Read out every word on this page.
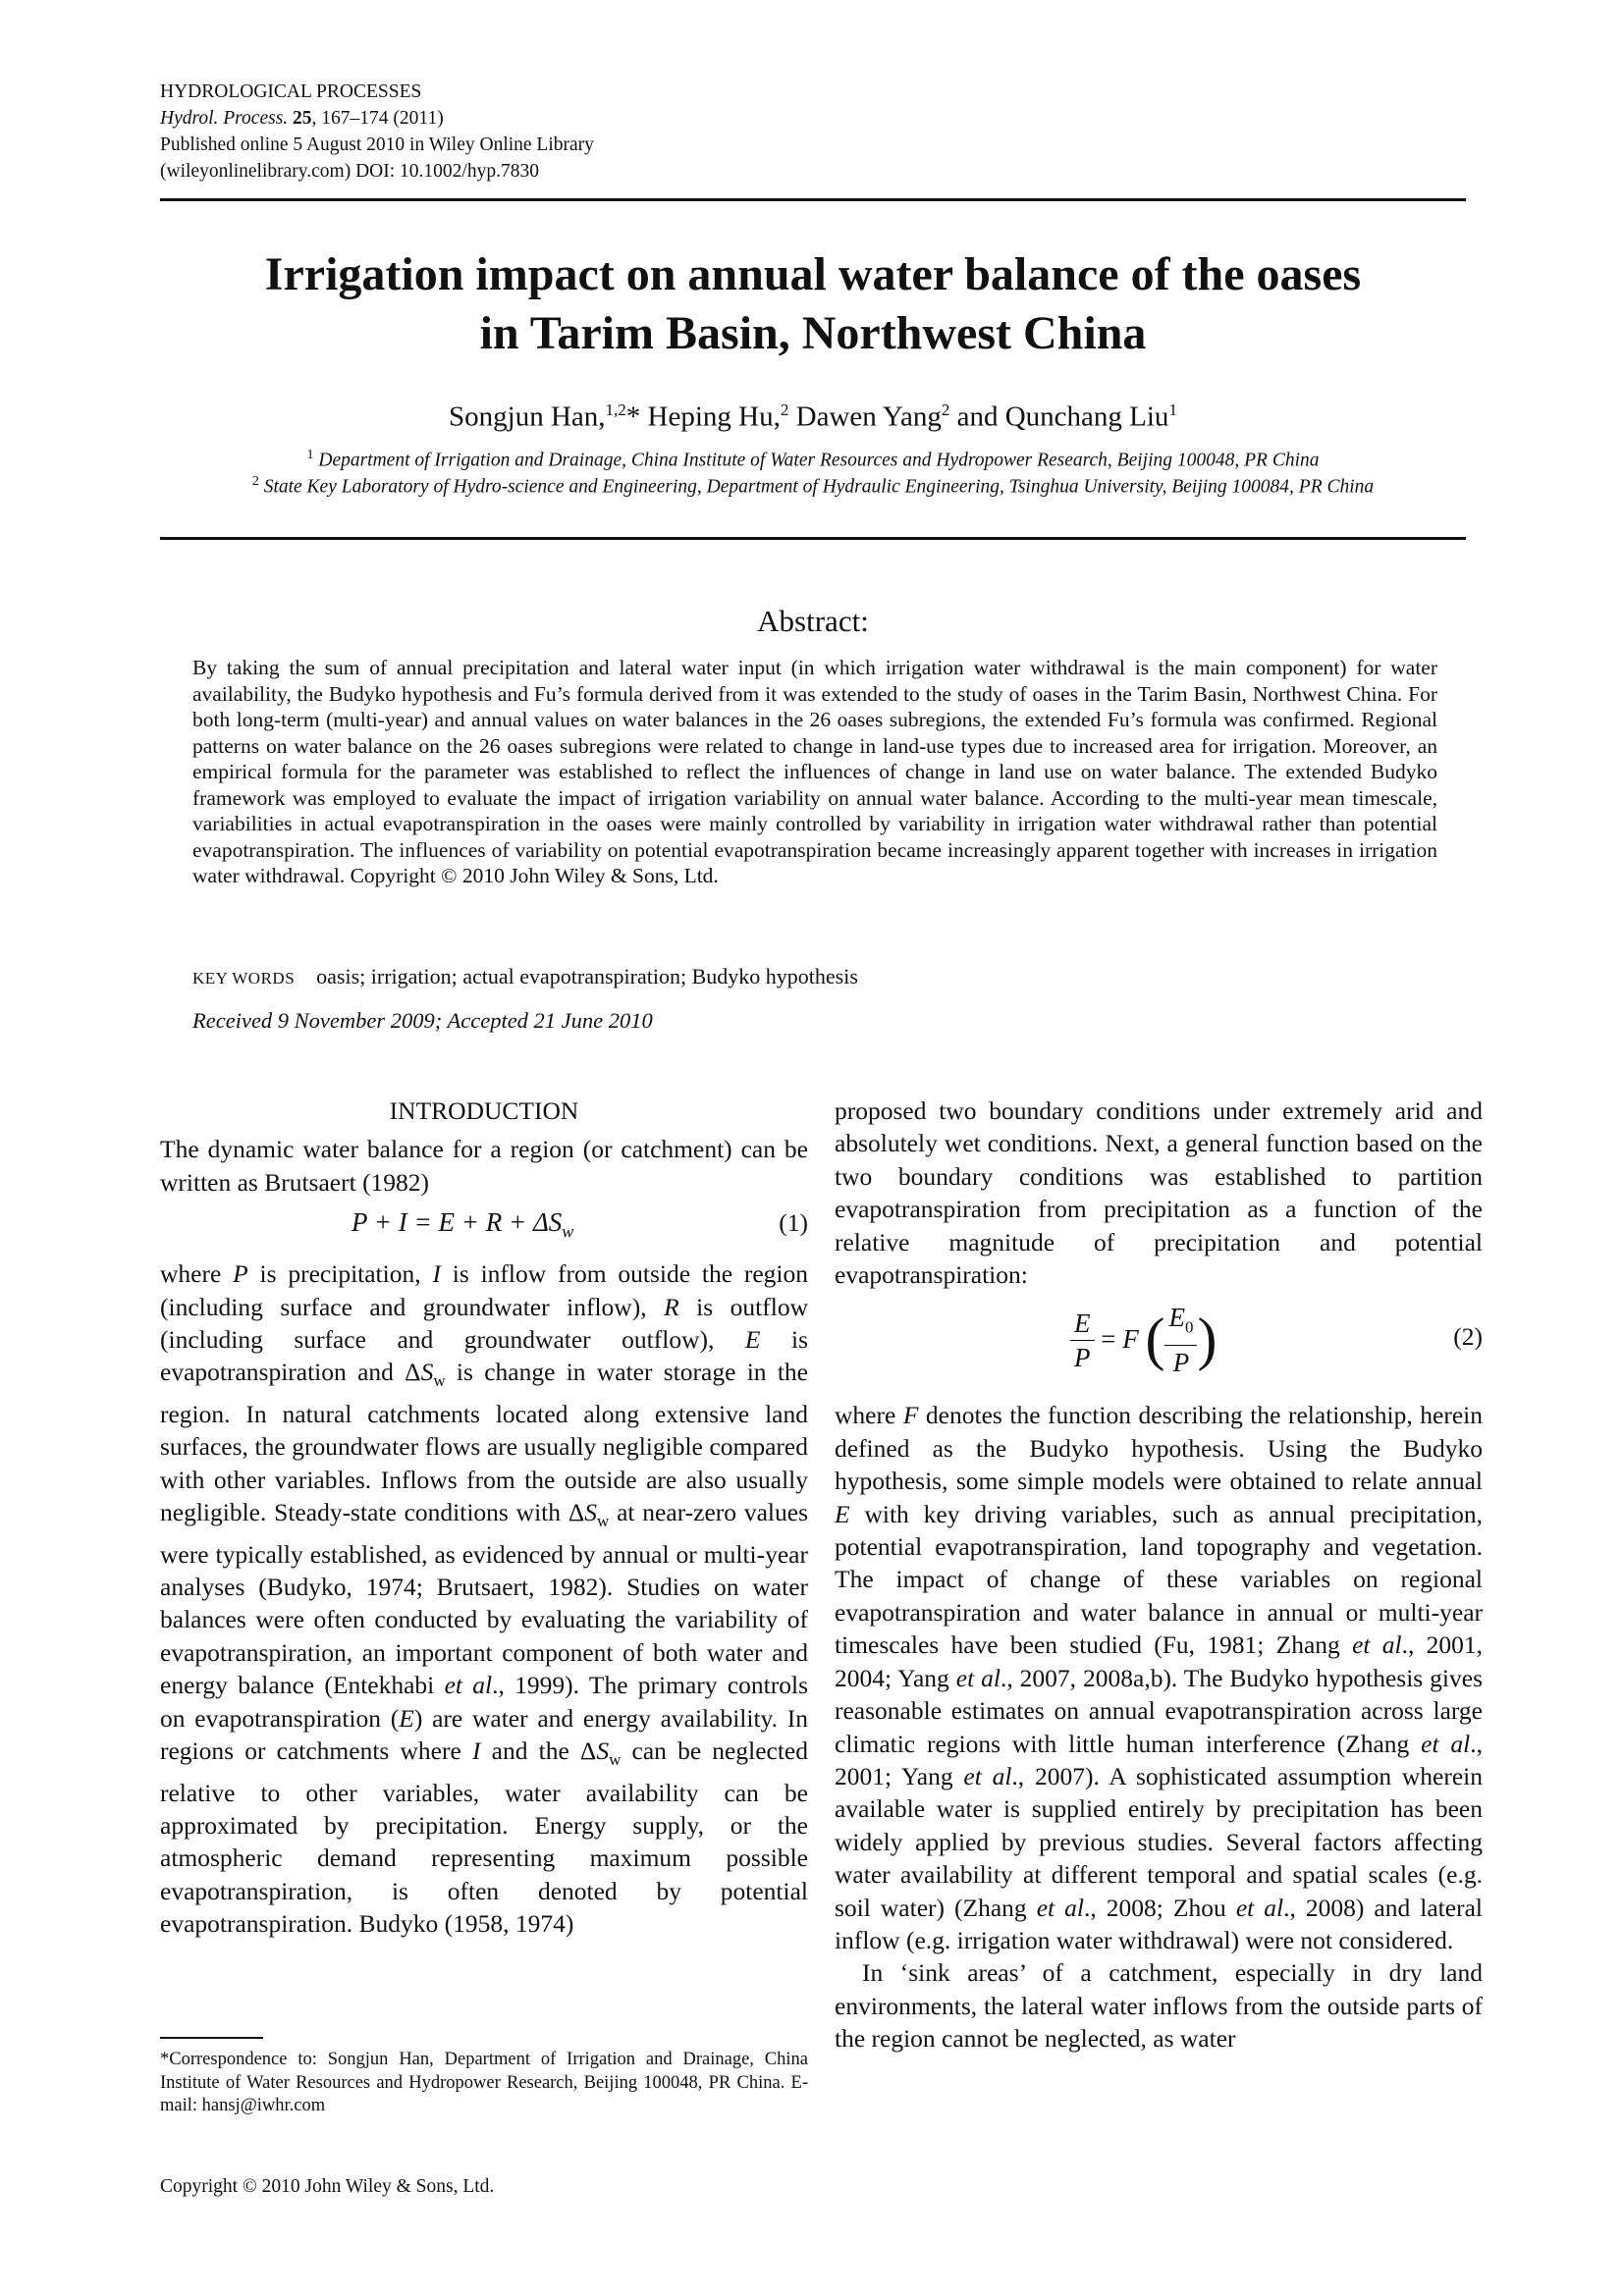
HYDROLOGICAL PROCESSES
Hydrol. Process. 25, 167–174 (2011)
Published online 5 August 2010 in Wiley Online Library
(wileyonlinelibrary.com) DOI: 10.1002/hyp.7830
Irrigation impact on annual water balance of the oases
in Tarim Basin, Northwest China
Songjun Han,$^{1,2}$* Heping Hu,$^2$ Dawen Yang$^2$ and Qunchang Liu$^1$
$^1$ Department of Irrigation and Drainage, China Institute of Water Resources and Hydropower Research, Beijing 100048, PR China
$^2$ State Key Laboratory of Hydro-science and Engineering, Department of Hydraulic Engineering, Tsinghua University, Beijing 100084, PR China
Abstract:
By taking the sum of annual precipitation and lateral water input (in which irrigation water withdrawal is the main component) for water availability, the Budyko hypothesis and Fu’s formula derived from it was extended to the study of oases in the Tarim Basin, Northwest China. For both long-term (multi-year) and annual values on water balances in the 26 oases subregions, the extended Fu’s formula was confirmed. Regional patterns on water balance on the 26 oases subregions were related to change in land-use types due to increased area for irrigation. Moreover, an empirical formula for the parameter was established to reflect the influences of change in land use on water balance. The extended Budyko framework was employed to evaluate the impact of irrigation variability on annual water balance. According to the multi-year mean timescale, variabilities in actual evapotranspiration in the oases were mainly controlled by variability in irrigation water withdrawal rather than potential evapotranspiration. The influences of variability on potential evapotranspiration became increasingly apparent together with increases in irrigation water withdrawal. Copyright © 2010 John Wiley & Sons, Ltd.
KEY WORDS oasis; irrigation; actual evapotranspiration; Budyko hypothesis
Received 9 November 2009; Accepted 21 June 2010
INTRODUCTION

The dynamic water balance for a region (or catchment) can be written as Brutsaert (1982)

$P + I = E + R + \Delta S_w$	(1)

where P is precipitation, I is inflow from outside the region (including surface and groundwater inflow), R is outflow (including surface and groundwater outflow), E is evapotranspiration and $\Delta S_w$ is change in water storage in the region. In natural catchments located along extensive land surfaces, the groundwater flows are usually negligible compared with other variables. Inflows from the outside are also usually negligible. Steady-state conditions with $\Delta S_w$ at near-zero values were typically established, as evidenced by annual or multi-year analyses (Budyko, 1974; Brutsaert, 1982). Studies on water balances were often conducted by evaluating the variability of evapotranspiration, an important component of both water and energy balance (Entekhabi et al., 1999). The primary controls on evapotranspiration (E) are water and energy availability. In regions or catchments where I and the $\Delta S_w$ can be neglected relative to other variables, water availability can be approximated by precipitation. Energy supply, or the atmospheric demand representing maximum possible evapotranspiration, is often denoted by potential evapotranspiration. Budyko (1958, 1974)

proposed two boundary conditions under extremely arid and absolutely wet conditions. Next, a general function based on the two boundary conditions was established to partition evapotranspiration from precipitation as a function of the relative magnitude of precipitation and potential evapotranspiration:

$\frac{E}{P} = F$ ( $\frac{E_0}{P}$ )	(2)

where F denotes the function describing the relationship, herein defined as the Budyko hypothesis. Using the Budyko hypothesis, some simple models were obtained to relate annual E with key driving variables, such as annual precipitation, potential evapotranspiration, land topography and vegetation. The impact of change of these variables on regional evapotranspiration and water balance in annual or multi-year timescales have been studied (Fu, 1981; Zhang et al., 2001, 2004; Yang et al., 2007, 2008a,b). The Budyko hypothesis gives reasonable estimates on annual evapotranspiration across large climatic regions with little human interference (Zhang et al., 2001; Yang et al., 2007). A sophisticated assumption wherein available water is supplied entirely by precipitation has been widely applied by previous studies. Several factors affecting water availability at different temporal and spatial scales (e.g. soil water) (Zhang et al., 2008; Zhou et al., 2008) and lateral inflow (e.g. irrigation water withdrawal) were not considered.

In ‘sink areas’ of a catchment, especially in dry land environments, the lateral water inflows from the outside parts of the region cannot be neglected, as water

*Correspondence to: Songjun Han, Department of Irrigation and Drainage, China Institute of Water Resources and Hydropower Research, Beijing 100048, PR China. E-mail: hansj@iwhr.com
Copyright © 2010 John Wiley & Sons, Ltd.
